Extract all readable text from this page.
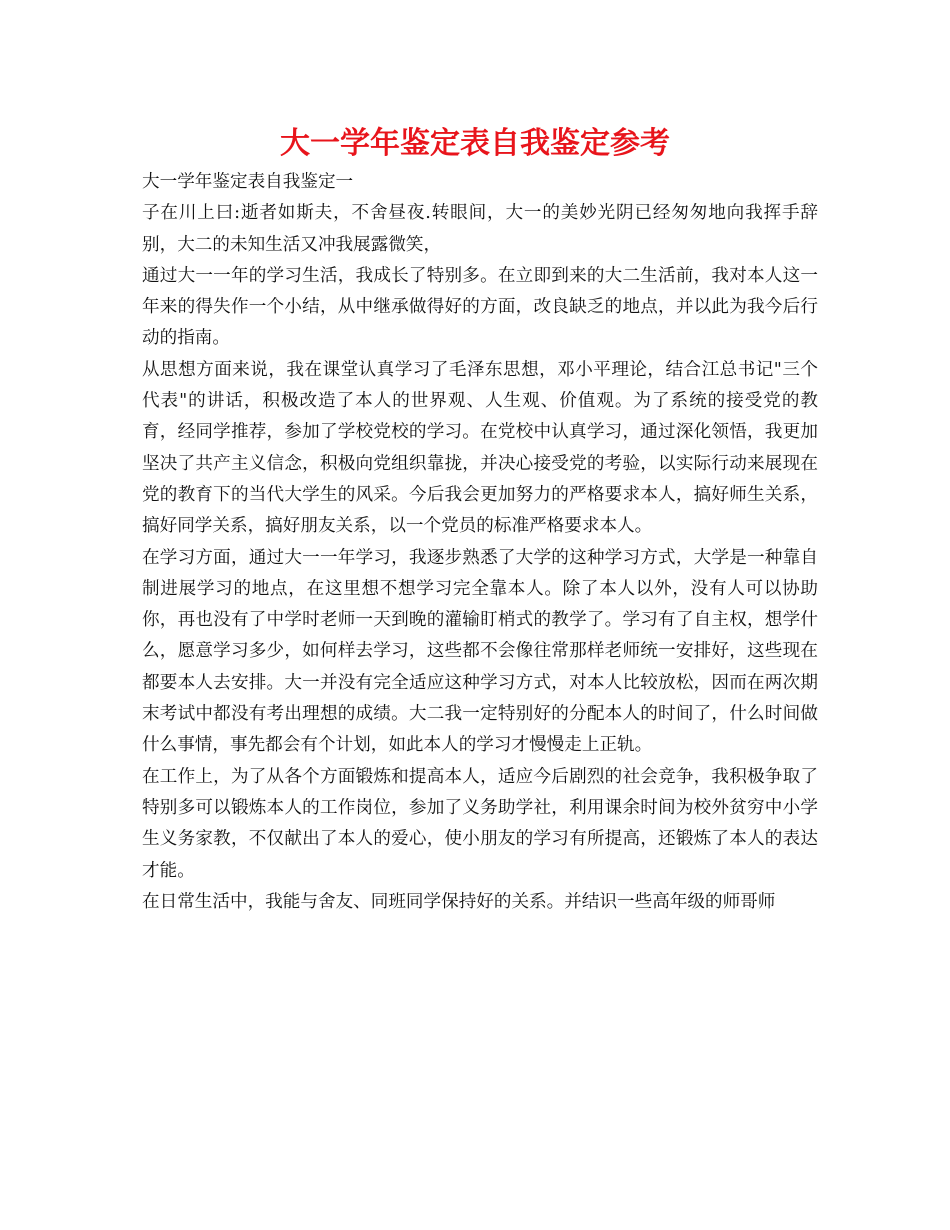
大一学年鉴定表自我鉴定参考

大一学年鉴定表自我鉴定一

子在川上曰:逝者如斯夫，不舍昼夜.转眼间，大一的美妙光阴已经匆匆地向我挥手辞别，大二的未知生活又冲我展露微笑，

通过大一一年的学习生活，我成长了特别多。在立即到来的大二生活前，我对本人这一年来的得失作一个小结，从中继承做得好的方面，改良缺乏的地点，并以此为我今后行动的指南。

从思想方面来说，我在课堂认真学习了毛泽东思想，邓小平理论，结合江总书记"三个代表"的讲话，积极改造了本人的世界观、人生观、价值观。为了系统的接受党的教育，经同学推荐，参加了学校党校的学习。在党校中认真学习，通过深化领悟，我更加坚决了共产主义信念，积极向党组织靠拢，并决心接受党的考验，以实际行动来展现在党的教育下的当代大学生的风采。今后我会更加努力的严格要求本人，搞好师生关系，搞好同学关系，搞好朋友关系，以一个党员的标准严格要求本人。

在学习方面，通过大一一年学习，我逐步熟悉了大学的这种学习方式，大学是一种靠自制进展学习的地点，在这里想不想学习完全靠本人。除了本人以外，没有人可以协助你，再也没有了中学时老师一天到晚的灌输盯梢式的教学了。学习有了自主权，想学什么，愿意学习多少，如何样去学习，这些都不会像往常那样老师统一安排好，这些现在都要本人去安排。大一并没有完全适应这种学习方式，对本人比较放松，因而在两次期末考试中都没有考出理想的成绩。大二我一定特别好的分配本人的时间了，什么时间做什么事情，事先都会有个计划，如此本人的学习才慢慢走上正轨。

在工作上，为了从各个方面锻炼和提高本人，适应今后剧烈的社会竞争，我积极争取了特别多可以锻炼本人的工作岗位，参加了义务助学社，利用课余时间为校外贫穷中小学生义务家教，不仅献出了本人的爱心，使小朋友的学习有所提高，还锻炼了本人的表达才能。

在日常生活中，我能与舍友、同班同学保持好的关系。并结识一些高年级的师哥师
